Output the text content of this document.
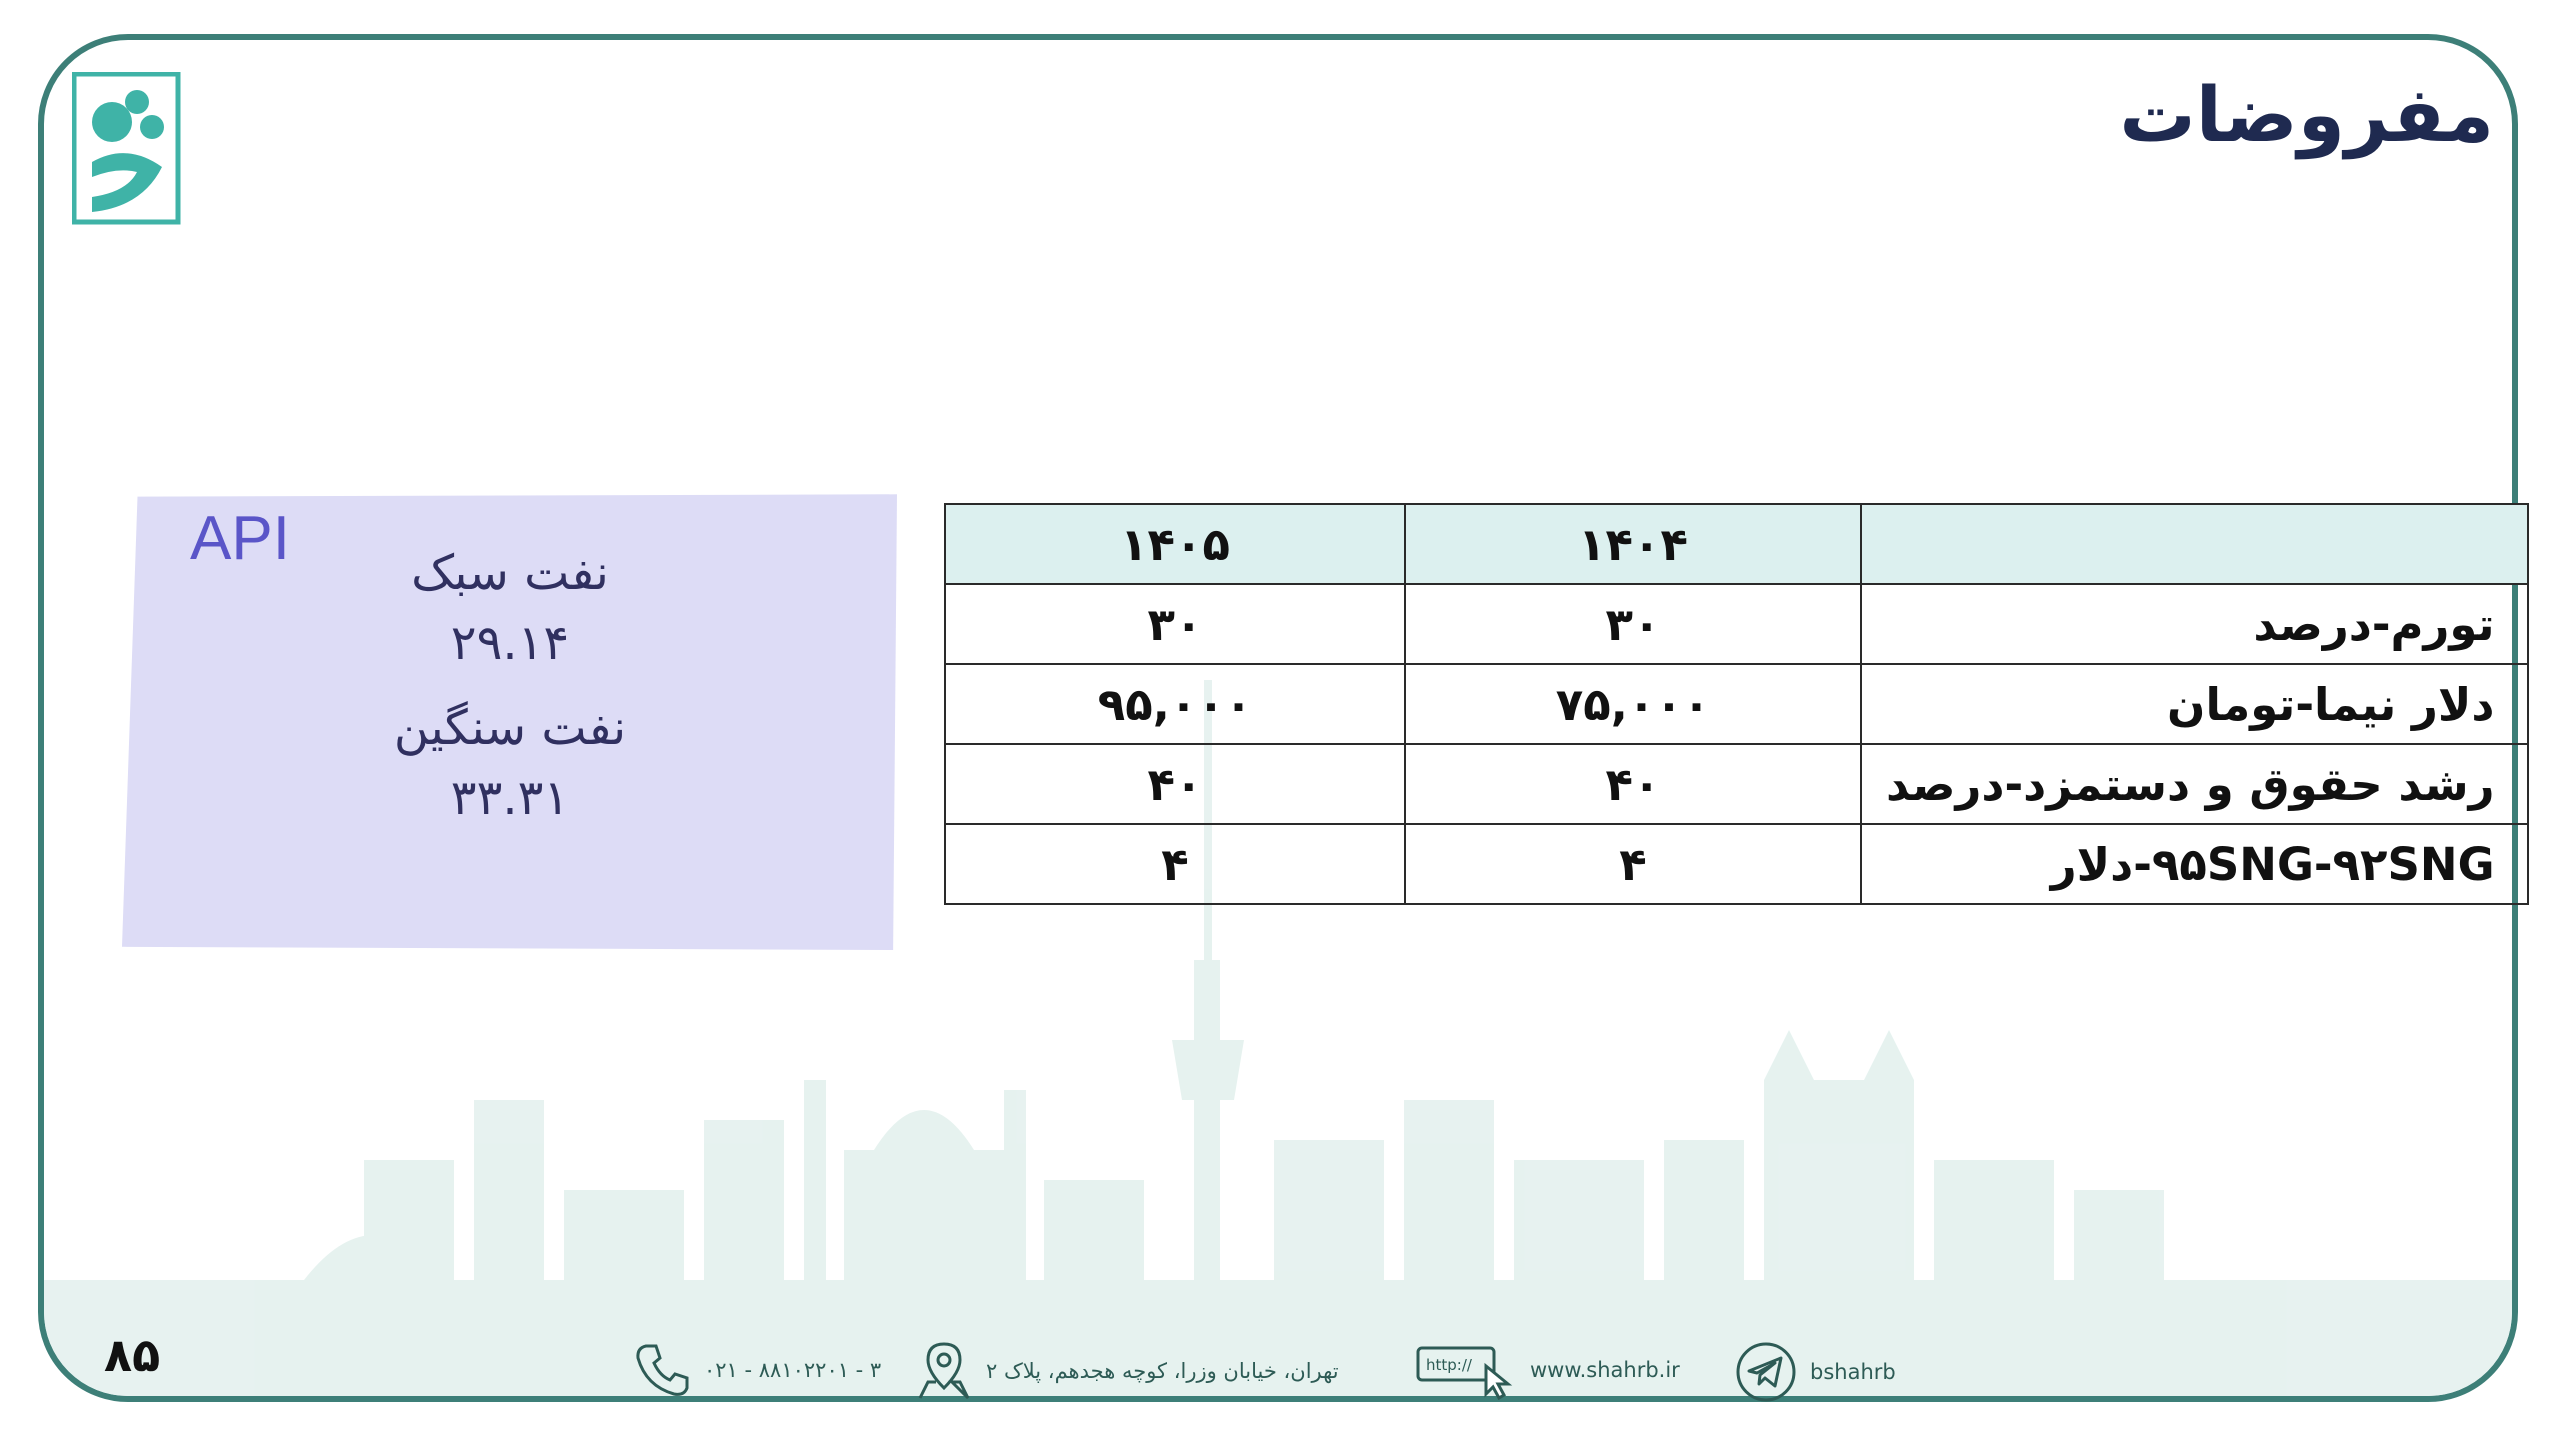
مفروضات
API	نفت سبک
۲۹.۱۴
نفت سنگین
۳۳.۳۱
	۱۴۰۴	۱۴۰۵
تورم-درصد	۳۰	۳۰
دلار نیما-تومان	۷۵,۰۰۰	۹۵,۰۰۰
رشد حقوق و دستمزد-درصد	۴۰	۴۰
۹۵SNG-۹۲SNG-دلار	۴	۴
۸۵	۰۲۱ - ۸۸۱۰۲۲۰۱ - ۳	تهران، خیابان وزرا، کوچه هجدهم، پلاک ۲	http://	www.shahrb.ir	bshahrb
